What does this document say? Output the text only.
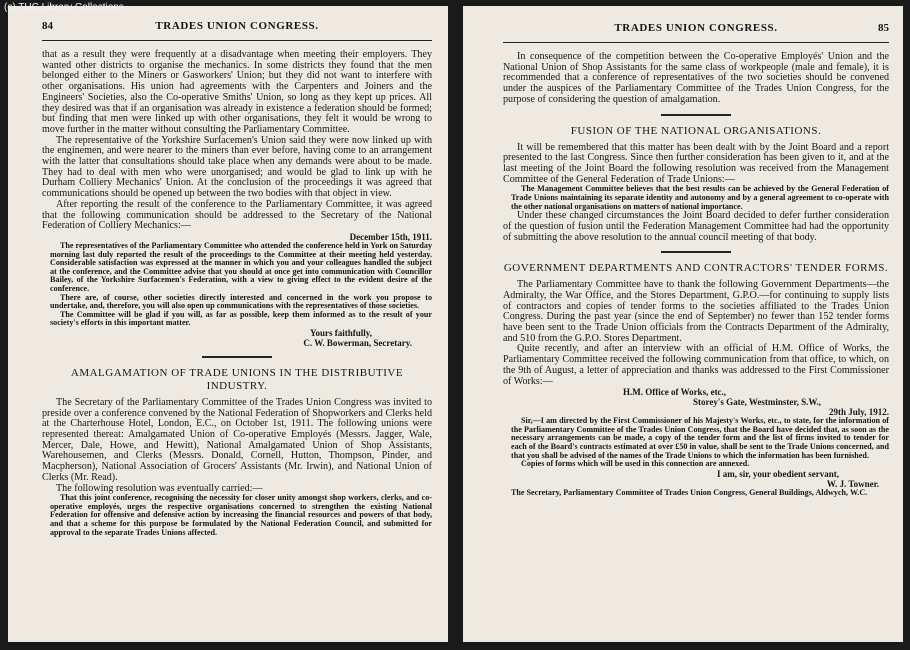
(c) TUC Library Collections
84	TRADES UNION CONGRESS.

that as a result they were frequently at a disadvantage when meeting their employers. They wanted other districts to organise the mechanics. In some districts they found that the men belonged either to the Miners or Gasworkers' Union; but they did not want to interfere with other organisations. His union had agreements with the Carpenters and Joiners and the Engineers' Societies, also the Co-operative Smiths' Union, so long as they kept up prices. All they desired was that if an organisation was already in existence a federation should be formed; but finding that men were linked up with other organisations, they felt it would be wrong to move further in the matter without consulting the Parliamentary Committee.

The representative of the Yorkshire Surfacemen's Union said they were now linked up with the enginemen, and were nearer to the miners than ever before, having come to an arrangement with the latter that consultations should take place when any demands were about to be made. They had to deal with men who were unorganised; and would be glad to link up with he Durham Colliery Mechanics' Union. At the conclusion of the proceedings it was agreed that communications should be opened up between the two bodies with that object in view.

After reporting the result of the conference to the Parliamentary Committee, it was agreed that the following communication should be addressed to the Secretary of the National Federation of Colliery Mechanics:—

December 15th, 1911.

The representatives of the Parliamentary Committee who attended the conference held in York on Saturday morning last duly reported the result of the proceedings to the Committee at their meeting held yesterday. Considerable satisfaction was expressed at the manner in which you and your colleagues handled the subject at the conference, and the Committee advise that you should at once get into communication with Councillor Bailey, of the Yorkshire Surfacemen's Federation, with a view to giving effect to the evident desire of the conference.

There are, of course, other societies directly interested and concerned in the work you propose to undertake, and, therefore, you will also open up communications with the representatives of those societies.

The Committee will be glad if you will, as far as possible, keep them informed as to the result of your society's efforts in this important matter.

Yours faithfully,
C. W. Bowerman, Secretary.
AMALGAMATION OF TRADE UNIONS IN THE DISTRIBUTIVE INDUSTRY.

The Secretary of the Parliamentary Committee of the Trades Union Congress was invited to preside over a conference convened by the National Federation of Shopworkers and Clerks held at the Charterhouse Hotel, London, E.C., on October 1st, 1911. The following unions were represented thereat: Amalgamated Union of Co-operative Employés (Messrs. Jagger, Wale, Mercer, Dale, Howe, and Hewitt), National Amalgamated Union of Shop Assistants, Warehousemen, and Clerks (Messrs. Donald, Cornell, Hutton, Thompson, Pinder, and Macpherson), National Association of Grocers' Assistants (Mr. Irwin), and National Union of Clerks (Mr. Read).

The following resolution was eventually carried:—

That this joint conference, recognising the necessity for closer unity amongst shop workers, clerks, and co-operative employés, urges the respective organisations concerned to strengthen the existing National Federation for offensive and defensive action by increasing the financial resources and powers of that body, and that a scheme for this purpose be formulated by the National Federation Council, and submitted for approval to the separate Trades Unions affected.

TRADES UNION CONGRESS.	85

In consequence of the competition between the Co-operative Employés' Union and the National Union of Shop Assistants for the same class of workpeople (male and female), it is recommended that a conference of representatives of the two societies should be convened under the auspices of the Parliamentary Committee of the Trades Union Congress, for the purpose of considering the question of amalgamation.

FUSION OF THE NATIONAL ORGANISATIONS.

It will be remembered that this matter has been dealt with by the Joint Board and a report presented to the last Congress. Since then further consideration has been given to it, and at the last meeting of the Joint Board the following resolution was received from the Management Committee of the General Federation of Trade Unions:—

The Management Committee believes that the best results can be achieved by the General Federation of Trade Unions maintaining its separate identity and autonomy and by a general agreement to co-operate with the other national organisations on matters of national importance.

Under these changed circumstances the Joint Board decided to defer further consideration of the question of fusion until the Federation Management Committee had had the opportunity of submitting the above resolution to the annual council meeting of that body.

GOVERNMENT DEPARTMENTS AND CONTRACTORS' TENDER FORMS.

The Parliamentary Committee have to thank the following Government Departments—the Admiralty, the War Office, and the Stores Department, G.P.O.—for continuing to supply lists of contractors and copies of tender forms to the societies affiliated to the Trades Union Congress. During the past year (since the end of September) no fewer than 152 tender forms have been sent to the Trade Union officials from the Contracts Department of the Admiralty, and 510 from the G.P.O. Stores Department.

Quite recently, and after an interview with an official of H.M. Office of Works, the Parliamentary Committee received the following communication from that office, to which, on the 9th of August, a letter of appreciation and thanks was addressed to the First Commissioner of Works:—

H.M. Office of Works, etc.,
Storey's Gate, Westminster, S.W.,
29th July, 1912.

Sir,—I am directed by the First Commissioner of his Majesty's Works, etc., to state, for the information of the Parliamentary Committee of the Trades Union Congress, that the Board have decided that, as soon as the necessary arrangements can be made, a copy of the tender form and the list of firms invited to tender for each of the Board's contracts estimated at over £50 in value, shall be sent to the Trade Unions concerned, and that you shall be advised of the names of the Trade Unions to which the information has been furnished.

Copies of forms which will be used in this connection are annexed.

I am, sir, your obedient servant,
W. J. Towner.

The Secretary, Parliamentary Committee of Trades Union Congress, General Buildings, Aldwych, W.C.
